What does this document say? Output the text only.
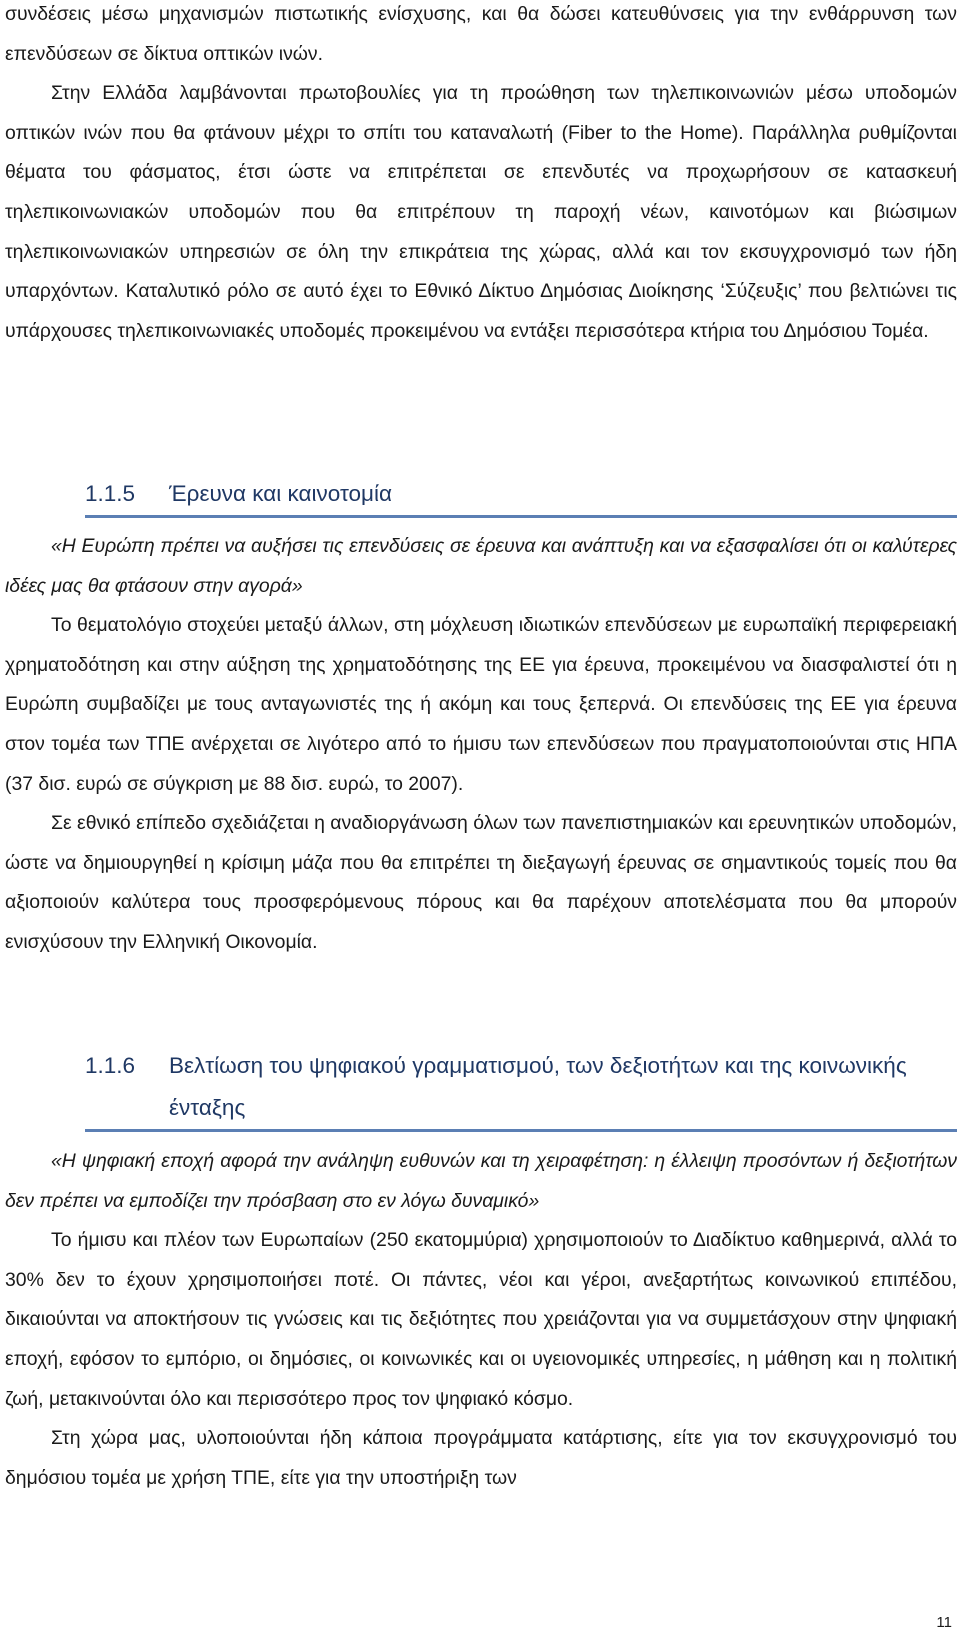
συνδέσεις μέσω μηχανισμών πιστωτικής ενίσχυσης, και θα δώσει κατευθύνσεις για την ενθάρρυνση των επενδύσεων σε δίκτυα οπτικών ινών.

Στην Ελλάδα λαμβάνονται πρωτοβουλίες για τη προώθηση των τηλεπικοινωνιών μέσω υποδομών οπτικών ινών που θα φτάνουν μέχρι το σπίτι του καταναλωτή (Fiber to the Home). Παράλληλα ρυθμίζονται θέματα του φάσματος, έτσι ώστε να επιτρέπεται σε επενδυτές να προχωρήσουν σε κατασκευή τηλεπικοινωνιακών υποδομών που θα επιτρέπουν τη παροχή νέων, καινοτόμων και βιώσιμων τηλεπικοινωνιακών υπηρεσιών σε όλη την επικράτεια της χώρας, αλλά και τον εκσυγχρονισμό των ήδη υπαρχόντων. Καταλυτικό ρόλο σε αυτό έχει το Εθνικό Δίκτυο Δημόσιας Διοίκησης ‘Σύζευξις’ που βελτιώνει τις υπάρχουσες τηλεπικοινωνιακές υποδομές προκειμένου να εντάξει περισσότερα κτήρια του Δημόσιου Τομέα.

1.1.5	Έρευνα και καινοτομία

«Η Ευρώπη πρέπει να αυξήσει τις επενδύσεις σε έρευνα και ανάπτυξη και να εξασφαλίσει ότι οι καλύτερες ιδέες μας θα φτάσουν στην αγορά»

Το θεματολόγιο στοχεύει μεταξύ άλλων, στη μόχλευση ιδιωτικών επενδύσεων με ευρωπαϊκή περιφερειακή χρηματοδότηση και στην αύξηση της χρηματοδότησης της ΕΕ για έρευνα, προκειμένου να διασφαλιστεί ότι η Ευρώπη συμβαδίζει με τους ανταγωνιστές της ή ακόμη και τους ξεπερνά. Οι επενδύσεις της ΕΕ για έρευνα στον τομέα των ΤΠΕ ανέρχεται σε λιγότερο από το ήμισυ των επενδύσεων που πραγματοποιούνται στις ΗΠΑ (37 δισ. ευρώ σε σύγκριση με 88 δισ. ευρώ, το 2007).

Σε εθνικό επίπεδο σχεδιάζεται η αναδιοργάνωση όλων των πανεπιστημιακών και ερευνητικών υποδομών, ώστε να δημιουργηθεί η κρίσιμη μάζα που θα επιτρέπει τη διεξαγωγή έρευνας σε σημαντικούς τομείς που θα αξιοποιούν καλύτερα τους προσφερόμενους πόρους και θα παρέχουν αποτελέσματα που θα μπορούν ενισχύσουν την Ελληνική Οικονομία.

1.1.6	Βελτίωση του ψηφιακού γραμματισμού, των δεξιοτήτων και της κοινωνικής ένταξης

«Η ψηφιακή εποχή αφορά την ανάληψη ευθυνών και τη χειραφέτηση: η έλλειψη προσόντων ή δεξιοτήτων δεν πρέπει να εμποδίζει την πρόσβαση στο εν λόγω δυναμικό»

Το ήμισυ και πλέον των Ευρωπαίων (250 εκατομμύρια) χρησιμοποιούν το Διαδίκτυο καθημερινά, αλλά το 30% δεν το έχουν χρησιμοποιήσει ποτέ. Οι πάντες, νέοι και γέροι, ανεξαρτήτως κοινωνικού επιπέδου, δικαιούνται να αποκτήσουν τις γνώσεις και τις δεξιότητες που χρειάζονται για να συμμετάσχουν στην ψηφιακή εποχή, εφόσον το εμπόριο, οι δημόσιες, οι κοινωνικές και οι υγειονομικές υπηρεσίες, η μάθηση και η πολιτική ζωή, μετακινούνται όλο και περισσότερο προς τον ψηφιακό κόσμο.

Στη χώρα μας, υλοποιούνται ήδη κάποια προγράμματα κατάρτισης, είτε για τον εκσυγχρονισμό του δημόσιου τομέα με χρήση ΤΠΕ, είτε για την υποστήριξη των

11
